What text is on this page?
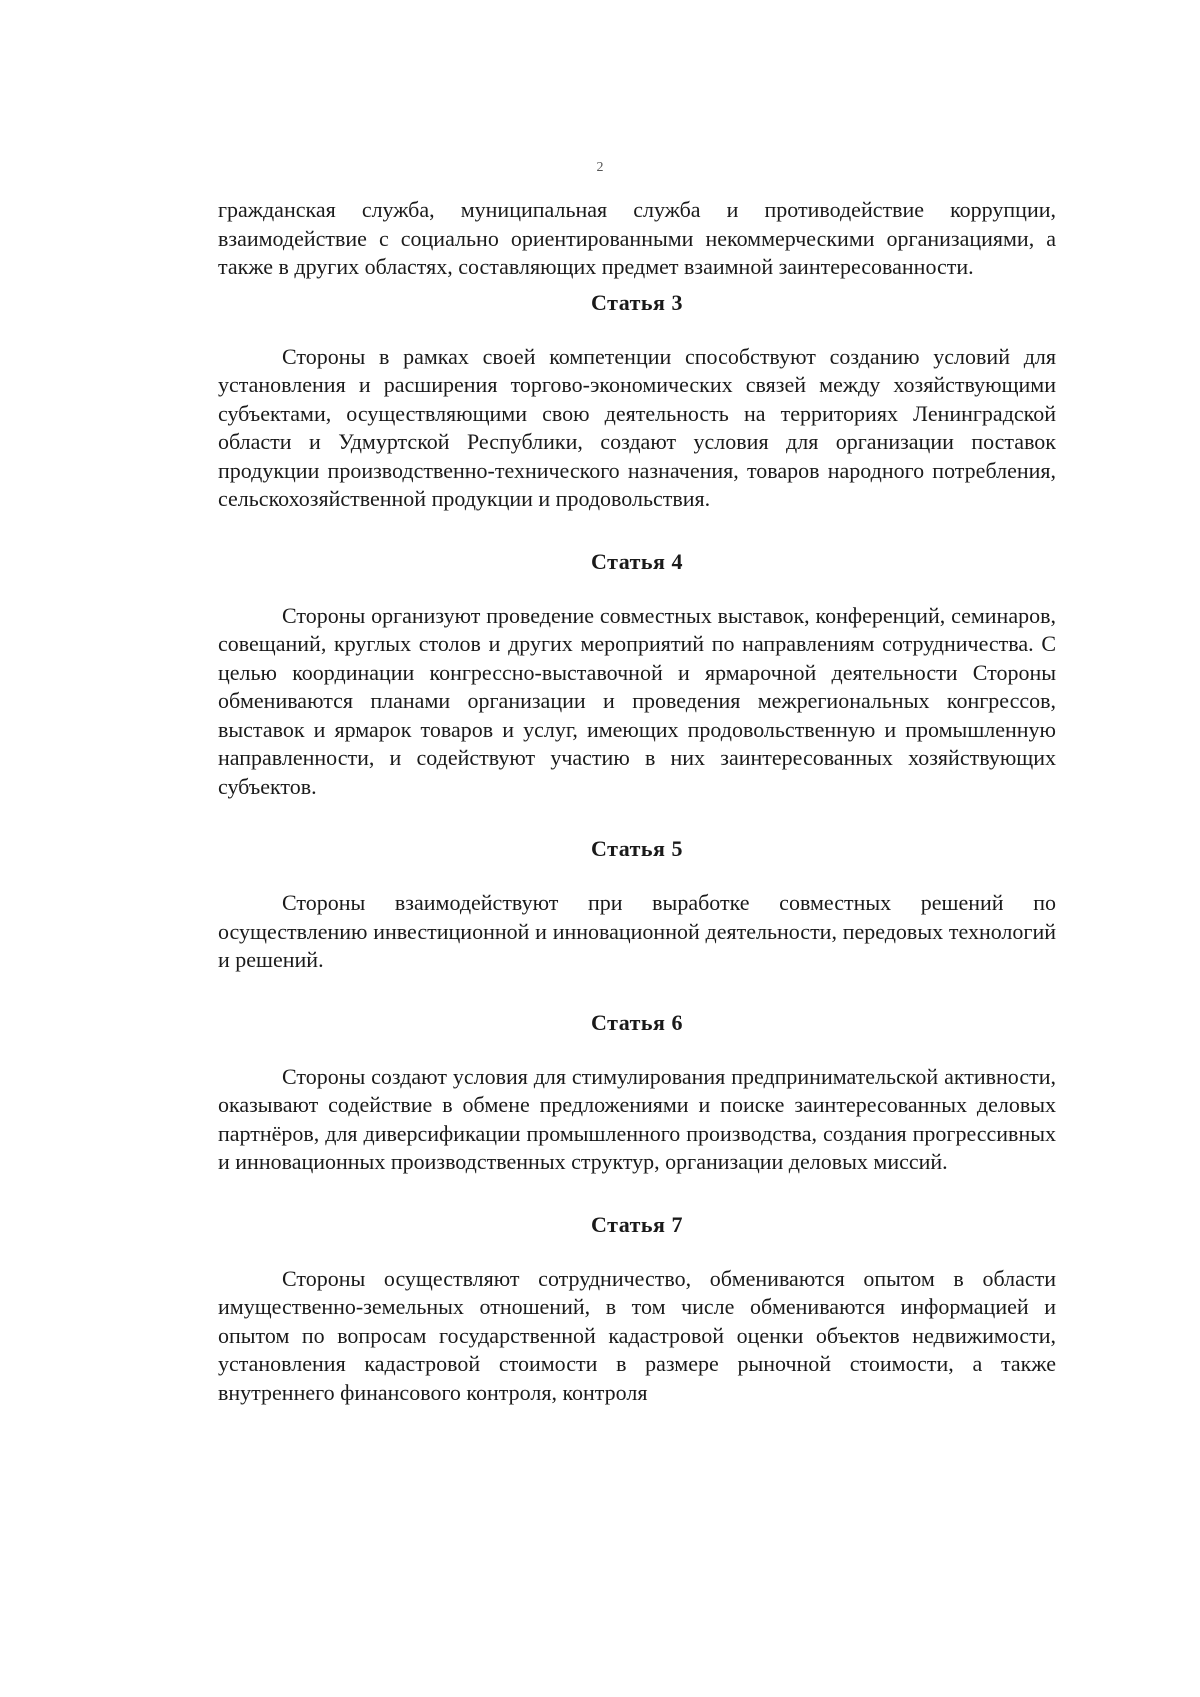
2

гражданская служба, муниципальная служба и противодействие коррупции, взаимодействие с социально ориентированными некоммерческими организациями, а также в других областях, составляющих предмет взаимной заинтересованности.

Статья 3

Стороны в рамках своей компетенции способствуют созданию условий для установления и расширения торгово-экономических связей между хозяйствующими субъектами, осуществляющими свою деятельность на территориях Ленинградской области и Удмуртской Республики, создают условия для организации поставок продукции производственно-технического назначения, товаров народного потребления, сельскохозяйственной продукции и продовольствия.

Статья 4

Стороны организуют проведение совместных выставок, конференций, семинаров, совещаний, круглых столов и других мероприятий по направлениям сотрудничества. С целью координации конгрессно-выставочной и ярмарочной деятельности Стороны обмениваются планами организации и проведения межрегиональных конгрессов, выставок и ярмарок товаров и услуг, имеющих продовольственную и промышленную направленности, и содействуют участию в них заинтересованных хозяйствующих субъектов.

Статья 5

Стороны взаимодействуют при выработке совместных решений по осуществлению инвестиционной и инновационной деятельности, передовых технологий и решений.

Статья 6

Стороны создают условия для стимулирования предпринимательской активности, оказывают содействие в обмене предложениями и поиске заинтересованных деловых партнёров, для диверсификации промышленного производства, создания прогрессивных и инновационных производственных структур, организации деловых миссий.

Статья 7

Стороны осуществляют сотрудничество, обмениваются опытом в области имущественно-земельных отношений, в том числе обмениваются информацией и опытом по вопросам государственной кадастровой оценки объектов недвижимости, установления кадастровой стоимости в размере рыночной стоимости, а также внутреннего финансового контроля, контроля
